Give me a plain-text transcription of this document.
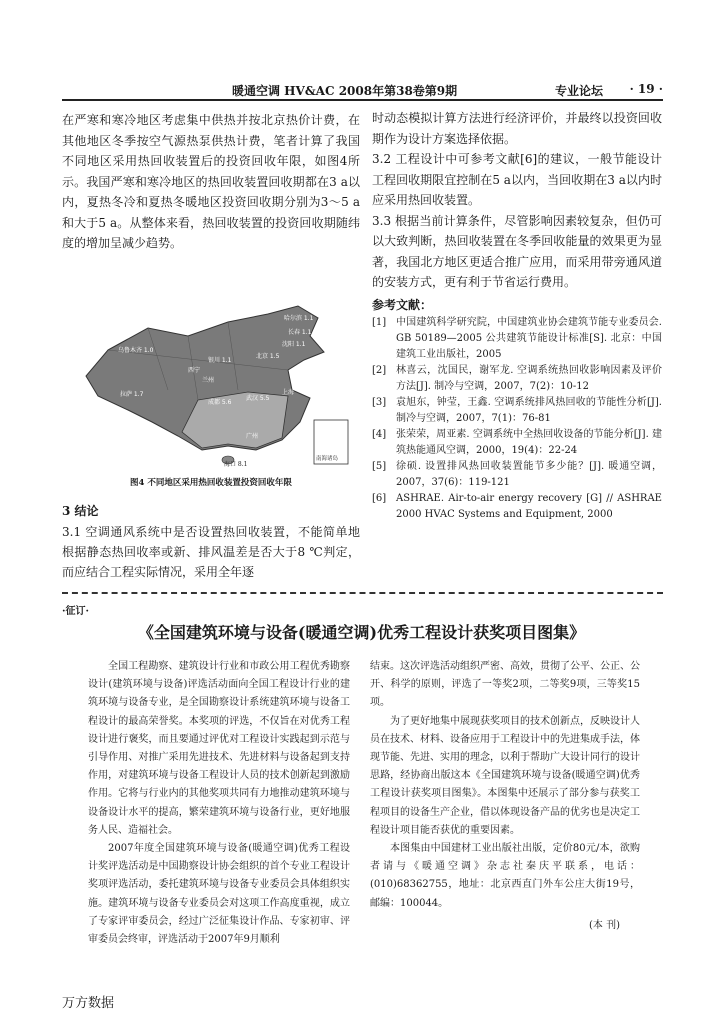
暖通空调 HV&AC 2008年第38卷第9期	专业论坛 · 19 ·

在严寒和寒冷地区考虑集中供热并按北京热价计费，在其他地区冬季按空气源热泵供热计费，笔者计算了我国不同地区采用热回收装置后的投资回收年限，如图4所示。我国严寒和寒冷地区的热回收装置回收期都在3 a以内，夏热冬冷和夏热冬暖地区投资回收期分别为3～5 a和大于5 a。从整体来看，热回收装置的投资回收期随纬度的增加呈减少趋势。

乌鲁木齐 1.0
哈尔滨 1.1
长春 1.1
沈阳 1.1
北京 1.5
银川 1.1
西宁
兰州
拉萨 1.7
成都 5.6
武汉 5.5
上海
广州
海口 8.1
南海诸岛
图4 不同地区采用热回收装置投资回收年限
3 结论

3.1 空调通风系统中是否设置热回收装置，不能简单地根据静态热回收率或新、排风温差是否大于8 ℃判定，而应结合工程实际情况，采用全年逐

时动态模拟计算方法进行经济评价，并最终以投资回收期作为设计方案选择依据。

3.2 工程设计中可参考文献[6]的建议，一般节能设计工程回收期限宜控制在5 a以内，当回收期在3 a以内时应采用热回收装置。

3.3 根据当前计算条件，尽管影响因素较复杂，但仍可以大致判断，热回收装置在冬季回收能量的效果更为显著，我国北方地区更适合推广应用，而采用带旁通风道的安装方式，更有利于节省运行费用。

参考文献：

[1] 中国建筑科学研究院，中国建筑业协会建筑节能专业委员会. GB 50189—2005 公共建筑节能设计标准[S]. 北京：中国建筑工业出版社，2005
[2] 林喜云，沈国民，谢军龙. 空调系统热回收影响因素及评价方法[J]. 制冷与空调，2007，7(2)：10-12
[3] 袁旭东，钟莹，王鑫. 空调系统排风热回收的节能性分析[J]. 制冷与空调，2007，7(1)：76-81
[4] 张荣荣，周亚素. 空调系统中全热回收设备的节能分析[J]. 建筑热能通风空调，2000，19(4)：22-24
[5] 徐硕. 设置排风热回收装置能节多少能？[J]. 暖通空调，2007，37(6)：119-121
[6] ASHRAE. Air-to-air energy recovery [G] // ASHRAE 2000 HVAC Systems and Equipment, 2000
·征订·
《全国建筑环境与设备(暖通空调)优秀工程设计获奖项目图集》

全国工程勘察、建筑设计行业和市政公用工程优秀勘察设计(建筑环境与设备)评选活动面向全国工程设计行业的建筑环境与设备专业，是全国勘察设计系统建筑环境与设备工程设计的最高荣誉奖。本奖项的评选，不仅旨在对优秀工程设计进行褒奖，而且要通过评优对工程设计实践起到示范与引导作用、对推广采用先进技术、先进材料与设备起到支持作用，对建筑环境与设备工程设计人员的技术创新起到激励作用。它将与行业内的其他奖项共同有力地推动建筑环境与设备设计水平的提高，繁荣建筑环境与设备行业，更好地服务人民、造福社会。

2007年度全国建筑环境与设备(暖通空调)优秀工程设计奖评选活动是中国勘察设计协会组织的首个专业工程设计奖项评选活动，委托建筑环境与设备专业委员会具体组织实施。建筑环境与设备专业委员会对这项工作高度重视，成立了专家评审委员会，经过广泛征集设计作品、专家初审、评审委员会终审，评选活动于2007年9月顺利

结束。这次评选活动组织严密、高效，贯彻了公平、公正、公开、科学的原则，评选了一等奖2项，二等奖9项，三等奖15项。

为了更好地集中展现获奖项目的技术创新点，反映设计人员在技术、材料、设备应用于工程设计中的先进集成手法，体现节能、先进、实用的理念，以利于帮助广大设计同行的设计思路，经协商出版这本《全国建筑环境与设备(暖通空调)优秀工程设计获奖项目图集》。本图集中还展示了部分参与获奖工程项目的设备生产企业，借以体现设备产品的优劣也是决定工程设计项目能否获优的重要因素。

本图集由中国建材工业出版社出版，定价80元/本，欲购者请与《暖通空调》杂志社秦庆平联系，电话：(010)68362755，地址：北京西直门外车公庄大街19号，邮编：100044。

(本 刊)

万方数据
